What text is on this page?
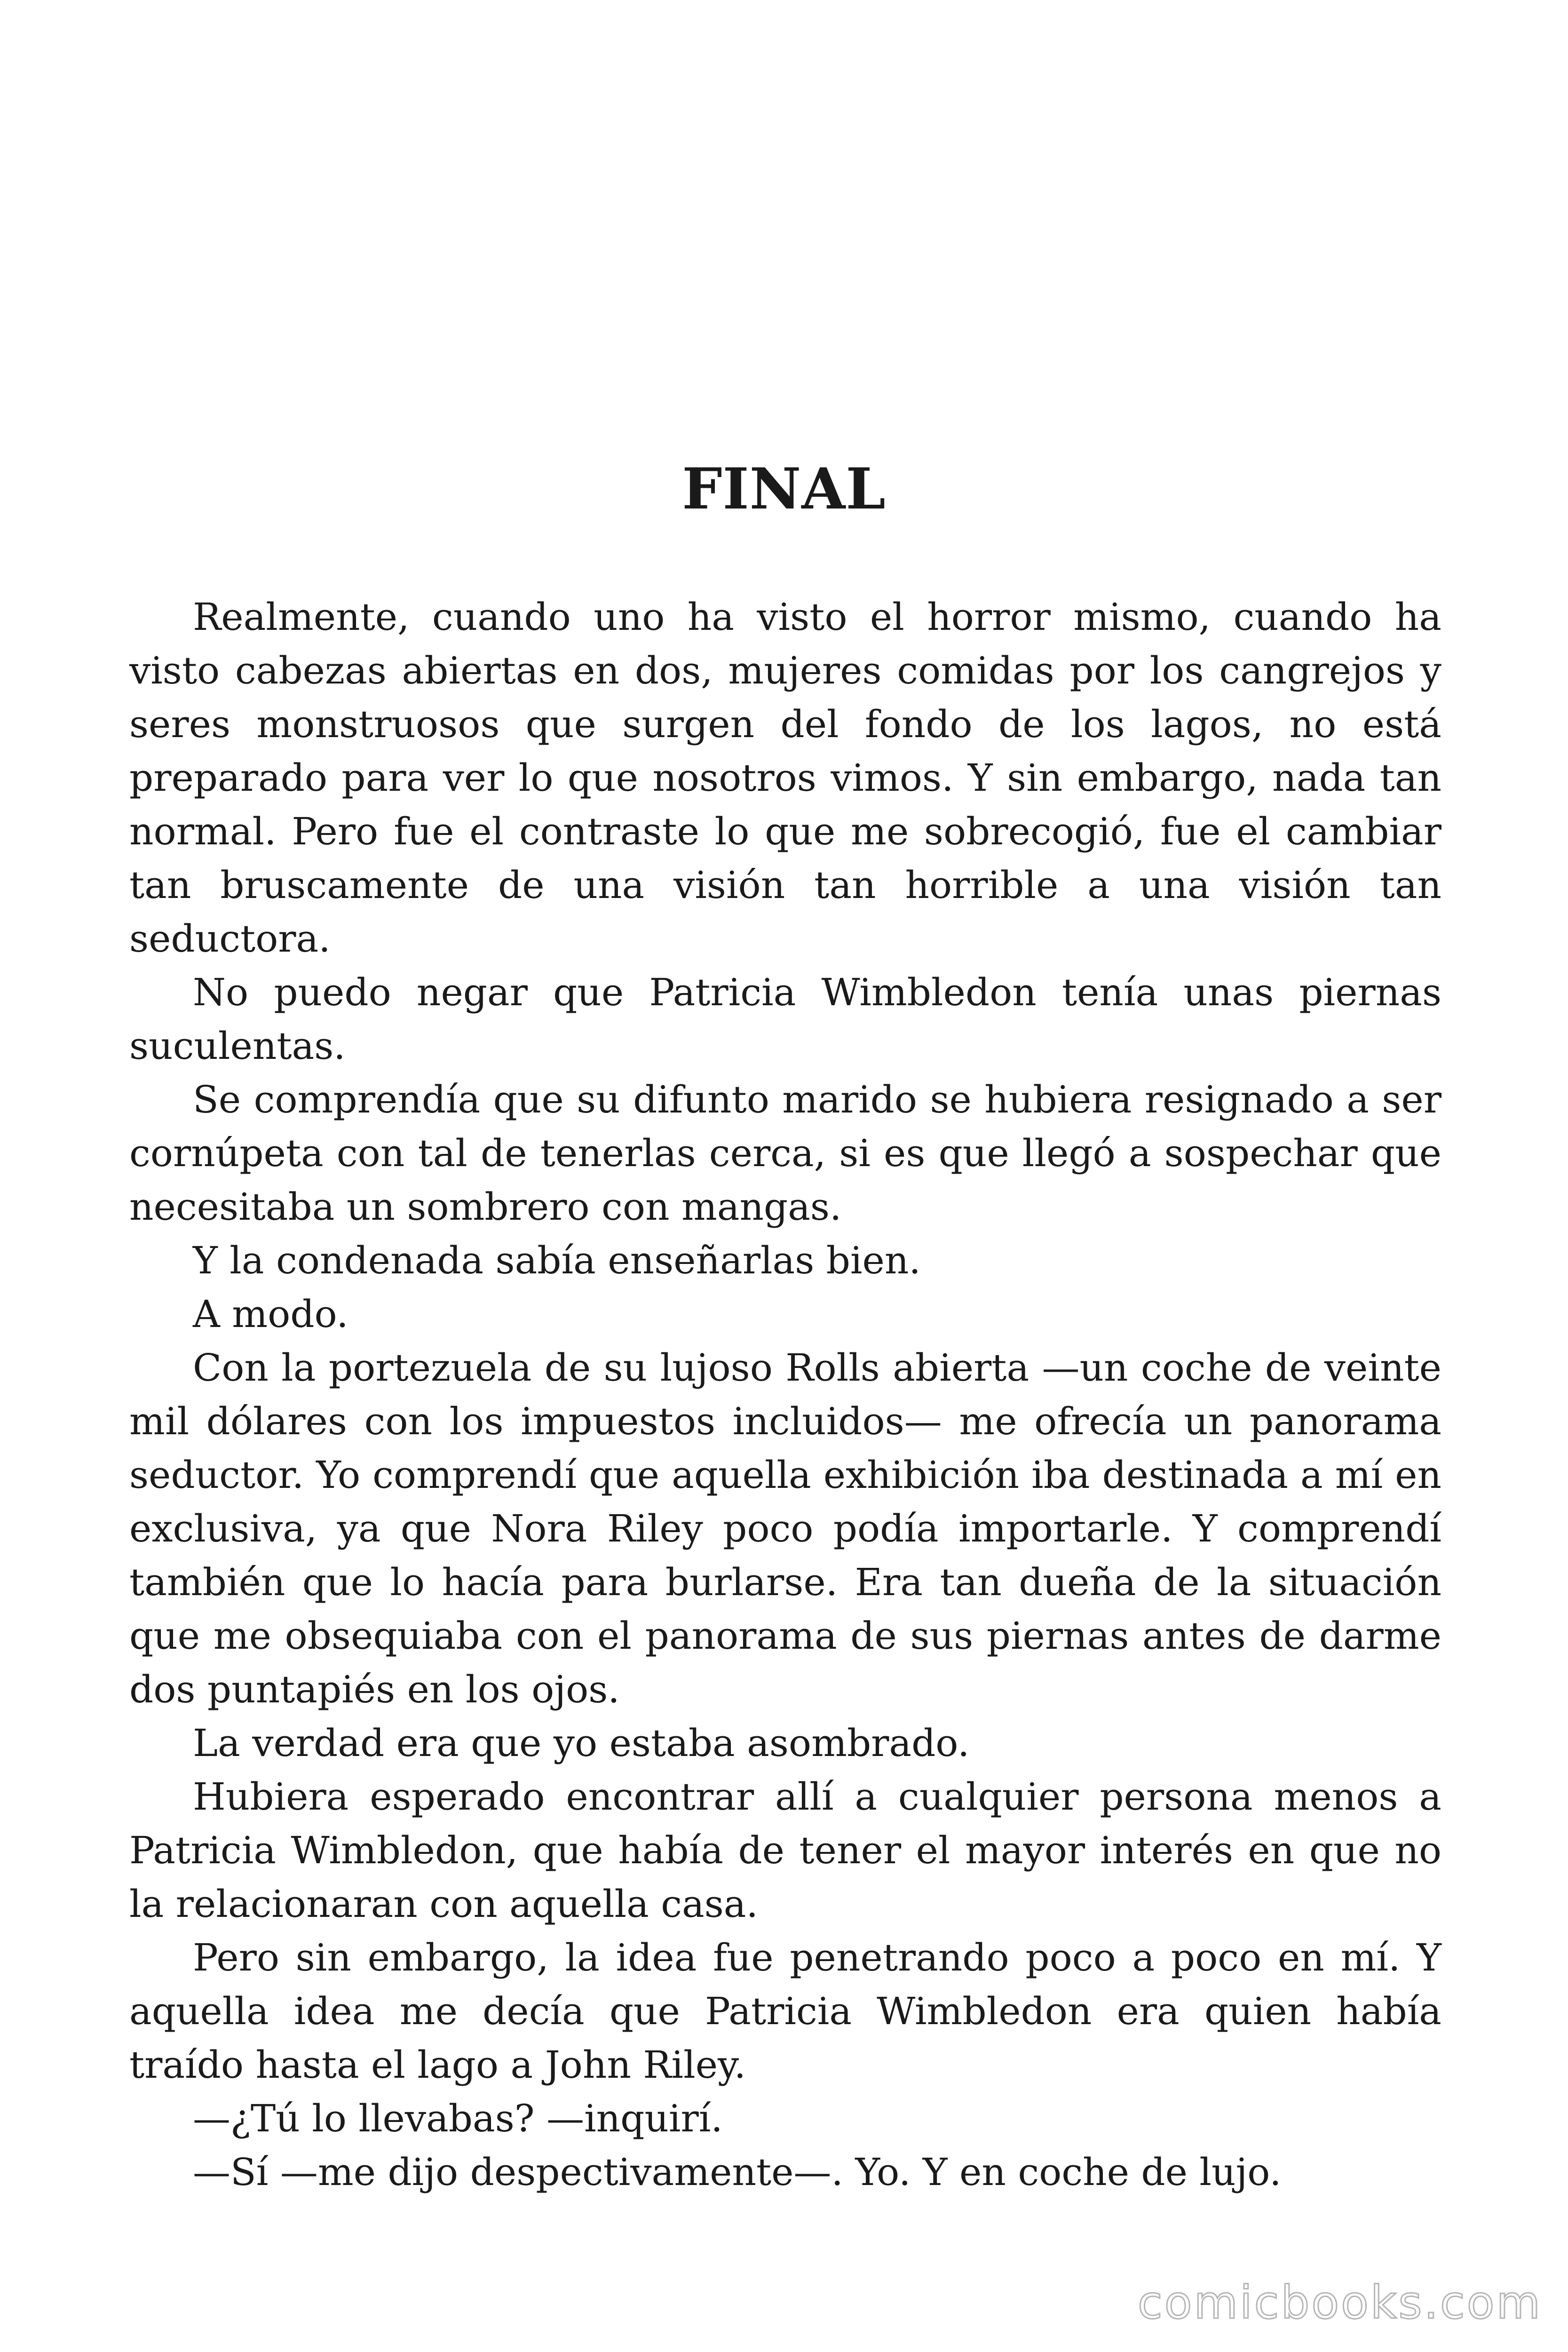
FINAL

Realmente, cuando uno ha visto el horror mismo, cuando ha visto cabezas abiertas en dos, mujeres comidas por los cangrejos y seres monstruosos que surgen del fondo de los lagos, no está preparado para ver lo que nosotros vimos. Y sin embargo, nada tan normal. Pero fue el contraste lo que me sobrecogió, fue el cambiar tan bruscamente de una visión tan horrible a una visión tan seductora.

No puedo negar que Patricia Wimbledon tenía unas piernas suculentas.

Se comprendía que su difunto marido se hubiera resignado a ser cornúpeta con tal de tenerlas cerca, si es que llegó a sospechar que necesitaba un sombrero con mangas.

Y la condenada sabía enseñarlas bien.

A modo.

Con la portezuela de su lujoso Rolls abierta —un coche de veinte mil dólares con los impuestos incluidos— me ofrecía un panorama seductor. Yo comprendí que aquella exhibición iba destinada a mí en exclusiva, ya que Nora Riley poco podía importarle. Y comprendí también que lo hacía para burlarse. Era tan dueña de la situación que me obsequiaba con el panorama de sus piernas antes de darme dos puntapiés en los ojos.

La verdad era que yo estaba asombrado.

Hubiera esperado encontrar allí a cualquier persona menos a Patricia Wimbledon, que había de tener el mayor interés en que no la relacionaran con aquella casa.

Pero sin embargo, la idea fue penetrando poco a poco en mí. Y aquella idea me decía que Patricia Wimbledon era quien había traído hasta el lago a John Riley.

—¿Tú lo llevabas? —inquirí.

—Sí —me dijo despectivamente—. Yo. Y en coche de lujo.

comicbooks.com
